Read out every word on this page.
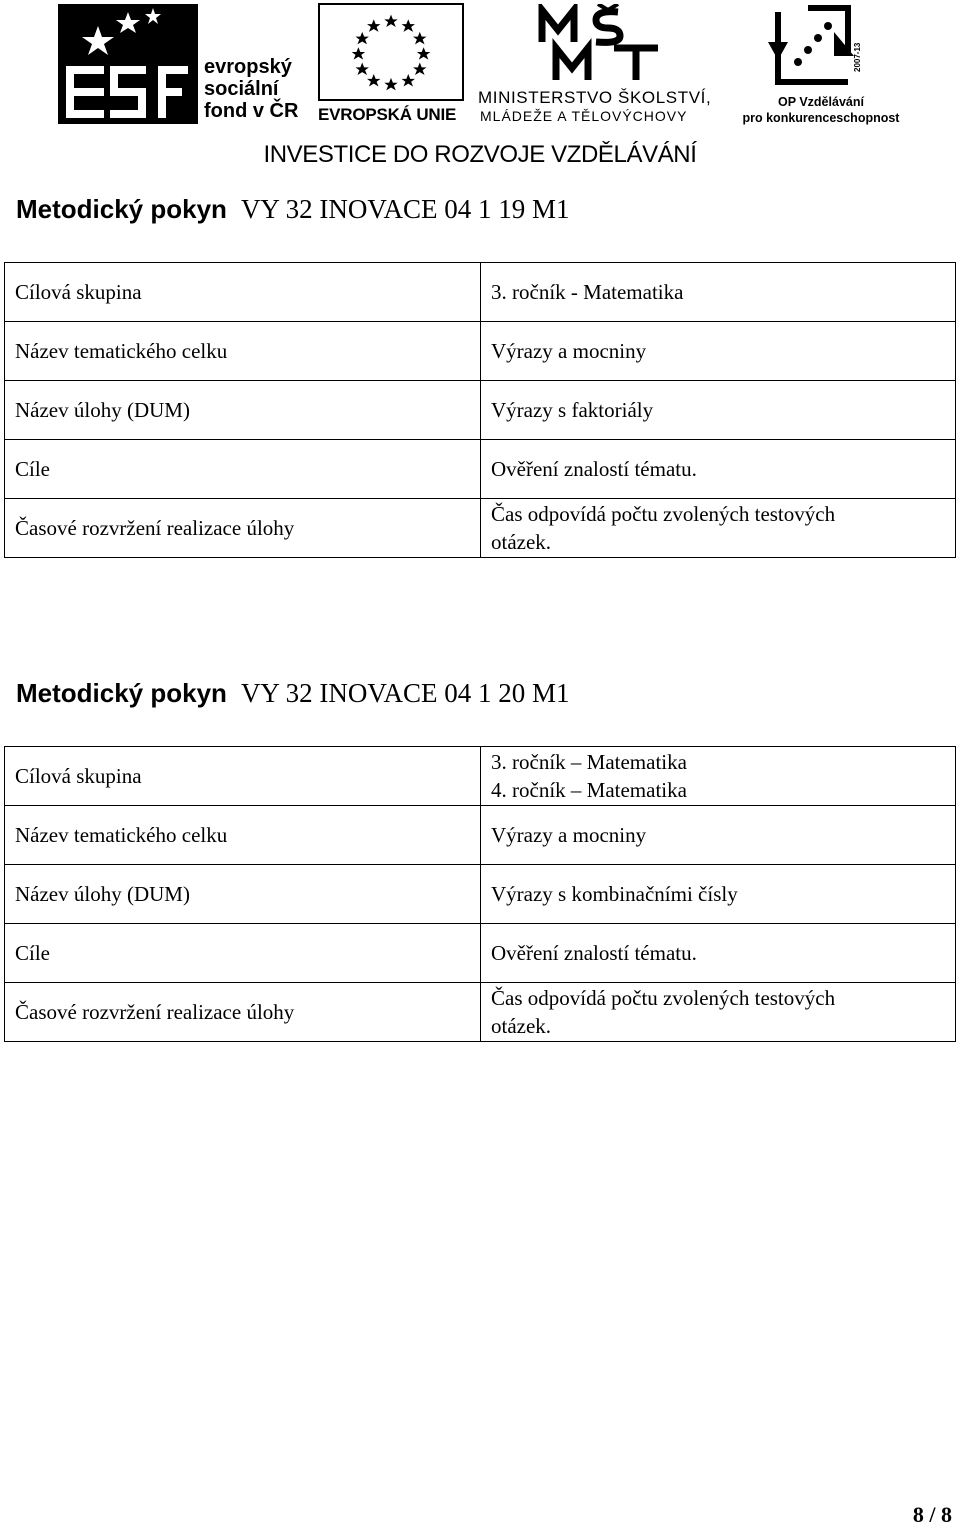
evropský
sociální
fond v ČR EVROPSKÁ UNIE
MINISTERSTVO ŠKOLSTVÍ,
MLÁDEŽE A TĚLOVÝCHOVY
2007-13
OP Vzdělávání
pro konkurenceschopnost
INVESTICE DO ROZVOJE VZDĚLÁVÁNÍ
Metodický pokyn VY 32 INOVACE 04 1 19 M1
Cílová skupina	3. ročník - Matematika

Název tematického celku	Výrazy a mocniny

Název úlohy (DUM)	Výrazy s faktoriály

Cíle	Ověření znalostí tématu.

Časové rozvržení realizace úlohy	Čas odpovídá počtu zvolených testových
otázek.
Metodický pokyn VY 32 INOVACE 04 1 20 M1
Cílová skupina	3. ročník – Matematika
4. ročník – Matematika

Název tematického celku	Výrazy a mocniny

Název úlohy (DUM)	Výrazy s kombinačními čísly

Cíle	Ověření znalostí tématu.

Časové rozvržení realizace úlohy	Čas odpovídá počtu zvolených testových
otázek.
8 / 8
